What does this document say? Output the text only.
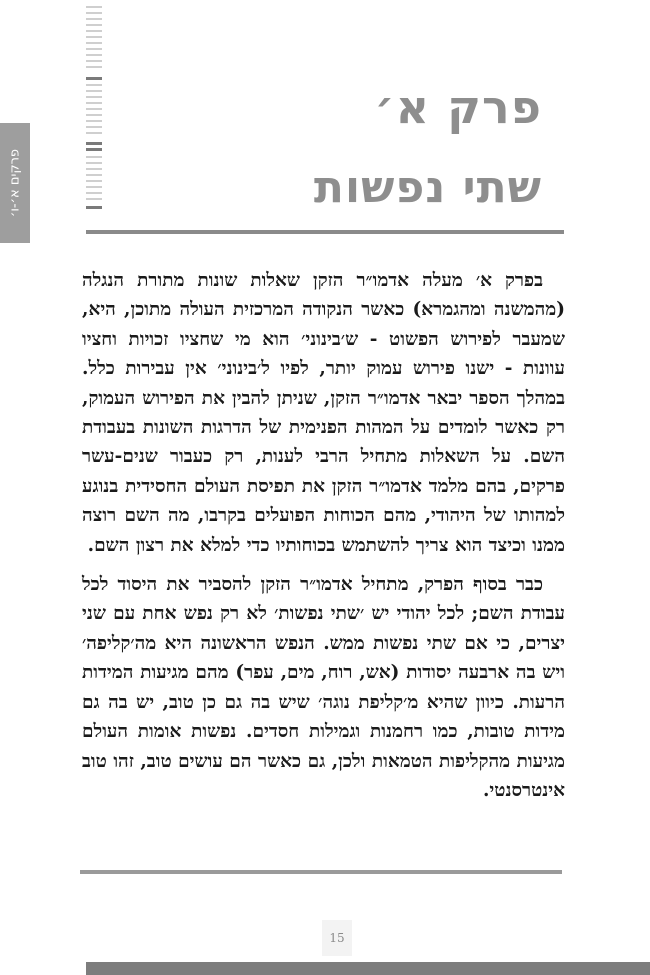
פרק א׳
שתי נפשות
פרקים א׳-ו׳

בפרק א׳ מעלה אדמו״ר הזקן שאלות שונות מתורת הנגלה (מהמשנה ומהגמרא) כאשר הנקודה המרכזית העולה מתוכן, היא, שמעבר לפירוש הפשוט - ש׳בינוני׳ הוא מי שחציו זכויות וחציו עוונות - ישנו פירוש עמוק יותר, לפיו ל׳בינוני׳ אין עבירות כלל. במהלך הספר יבאר אדמו״ר הזקן, שניתן להבין את הפירוש העמוק, רק כאשר לומדים על המהות הפנימית של הדרגות השונות בעבודת השם. על השאלות מתחיל הרבי לענות, רק כעבור שנים-עשר פרקים, בהם מלמד אדמו״ר הזקן את תפיסת העולם החסידית בנוגע למהותו של היהודי, מהם הכוחות הפועלים בקרבו, מה השם רוצה ממנו וכיצד הוא צריך להשתמש בכוחותיו כדי למלא את רצון השם.

כבר בסוף הפרק, מתחיל אדמו״ר הזקן להסביר את היסוד לכל עבודת השם; לכל יהודי יש ׳שתי נפשות׳ לא רק נפש אחת עם שני יצרים, כי אם שתי נפשות ממש. הנפש הראשונה היא מה׳קליפה׳ ויש בה ארבעה יסודות (אש, רוח, מים, עפר) מהם מגיעות המידות הרעות. כיוון שהיא מ׳קליפת נוגה׳ שיש בה גם כן טוב, יש בה גם מידות טובות, כמו רחמנות וגמילות חסדים. נפשות אומות העולם מגיעות מהקליפות הטמאות ולכן, גם כאשר הם עושים טוב, זהו טוב אינטרסנטי.

15
